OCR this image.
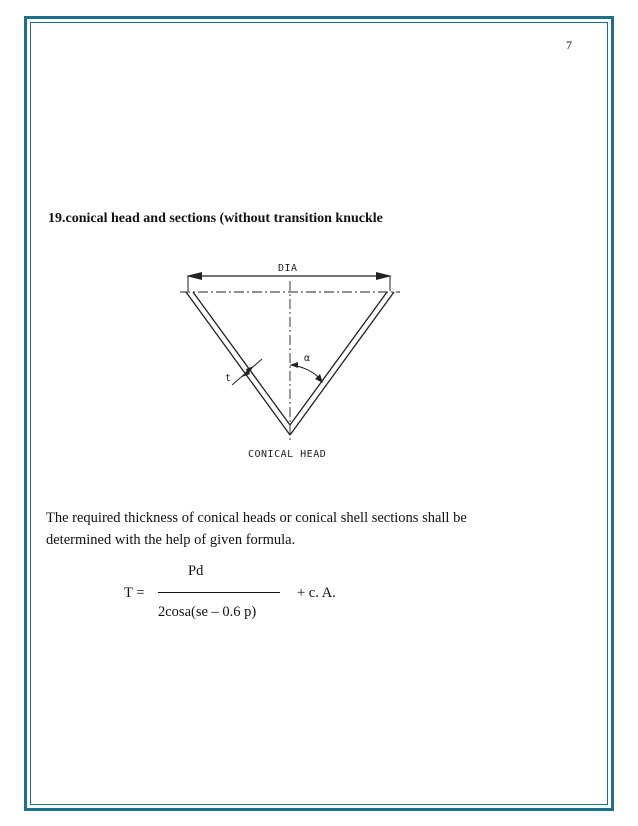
7
19.conical head and sections (without transition knuckle
DIA
α
t
CONICAL HEAD
The required thickness of conical heads or conical shell sections shall be
determined with the help of given formula.
T =
Pd
2cosa(se – 0.6 p)
+ c. A.
